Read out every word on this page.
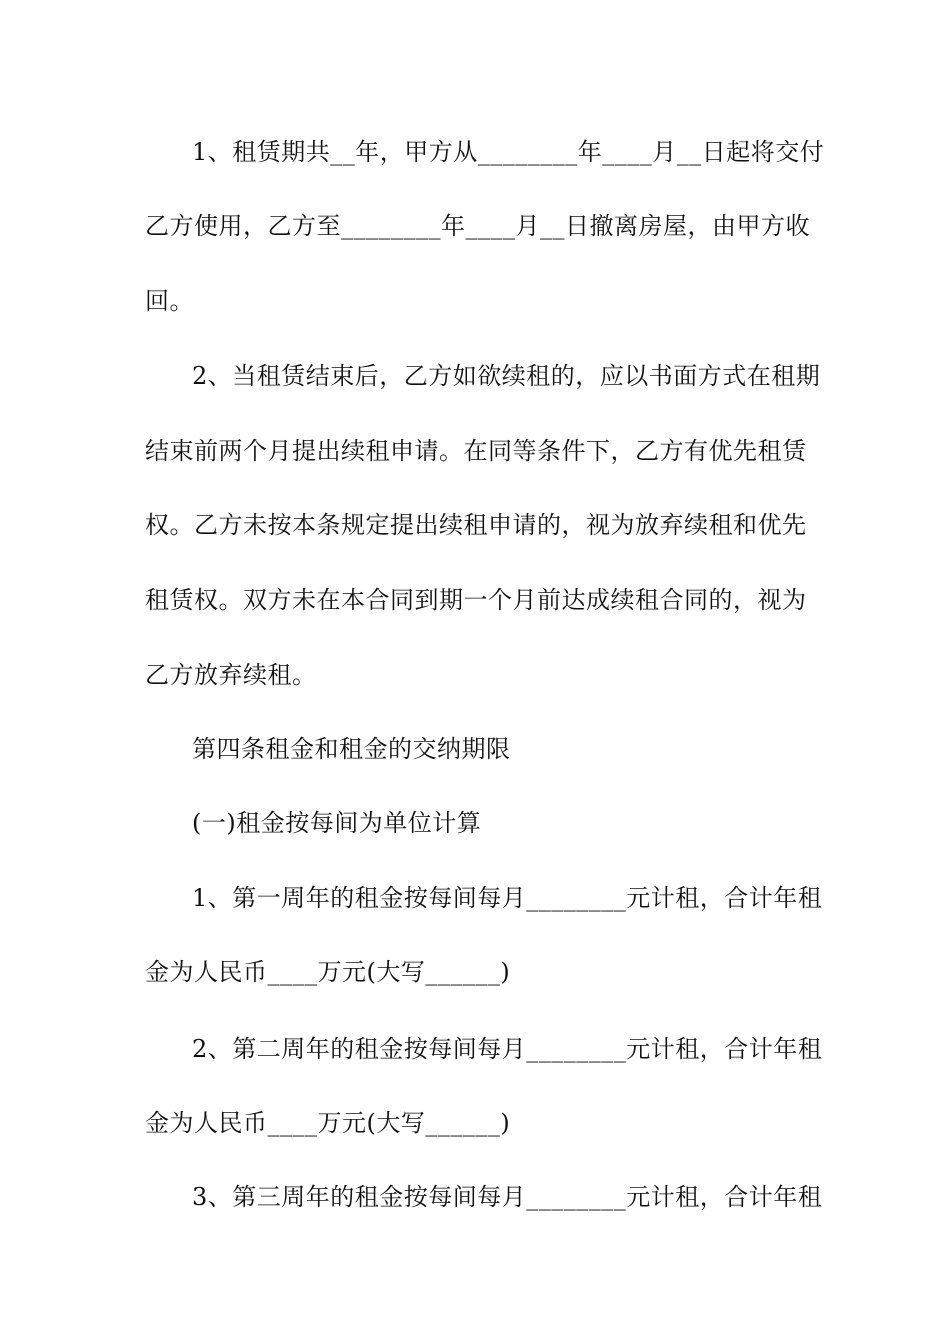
1、租赁期共__年，甲方从________年____月__日起将交付
乙方使用，乙方至________年____月__日撤离房屋，由甲方收
回。
2、当租赁结束后，乙方如欲续租的，应以书面方式在租期
结束前两个月提出续租申请。在同等条件下，乙方有优先租赁
权。乙方未按本条规定提出续租申请的，视为放弃续租和优先
租赁权。双方未在本合同到期一个月前达成续租合同的，视为
乙方放弃续租。
第四条租金和租金的交纳期限
(一)租金按每间为单位计算
1、第一周年的租金按每间每月________元计租，合计年租
金为人民币____万元(大写______)
2、第二周年的租金按每间每月________元计租，合计年租
金为人民币____万元(大写______)
3、第三周年的租金按每间每月________元计租，合计年租
